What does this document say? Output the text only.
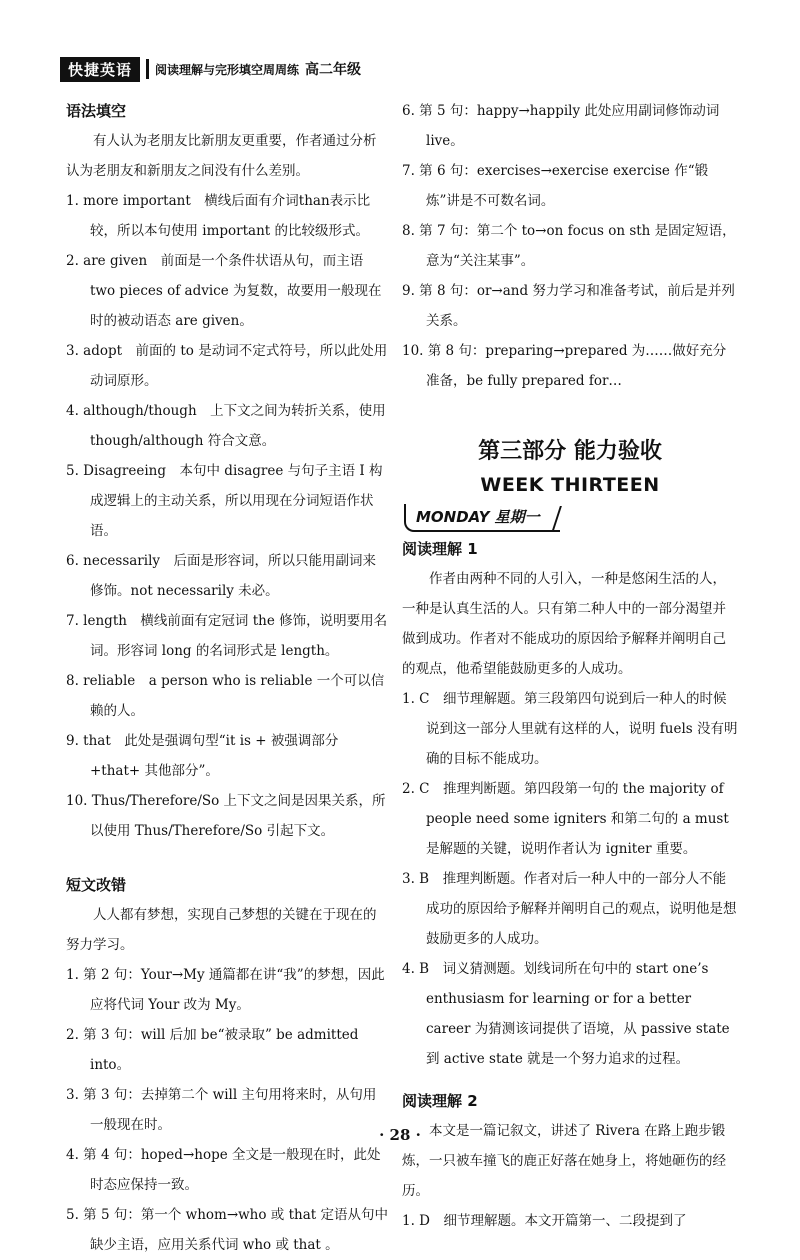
快捷英语	阅读理解与完形填空周周练 高二年级

语法填空

有人认为老朋友比新朋友更重要，作者通过分析认为老朋友和新朋友之间没有什么差别。

1. more important　横线后面有介词than表示比较，所以本句使用 important 的比较级形式。

2. are given　前面是一个条件状语从句，而主语 two pieces of advice 为复数，故要用一般现在时的被动语态 are given。

3. adopt　前面的 to 是动词不定式符号，所以此处用动词原形。

4. although/though　上下文之间为转折关系，使用 though/although 符合文意。

5. Disagreeing　本句中 disagree 与句子主语 I 构成逻辑上的主动关系，所以用现在分词短语作状语。

6. necessarily　后面是形容词，所以只能用副词来修饰。not necessarily 未必。

7. length　横线前面有定冠词 the 修饰，说明要用名词。形容词 long 的名词形式是 length。

8. reliable　a person who is reliable 一个可以信赖的人。

9. that　此处是强调句型“it is + 被强调部分 +that+ 其他部分”。

10. Thus/Therefore/So 上下文之间是因果关系，所以使用 Thus/Therefore/So 引起下文。

短文改错

人人都有梦想，实现自己梦想的关键在于现在的努力学习。

1. 第 2 句：Your→My 通篇都在讲“我”的梦想，因此应将代词 Your 改为 My。

2. 第 3 句：will 后加 be“被录取” be admitted into。

3. 第 3 句：去掉第二个 will 主句用将来时，从句用一般现在时。

4. 第 4 句：hoped→hope 全文是一般现在时，此处时态应保持一致。

5. 第 5 句：第一个 whom→who 或 that 定语从句中缺少主语，应用关系代词 who 或 that 。

6. 第 5 句：happy→happily 此处应用副词修饰动词 live。

7. 第 6 句：exercises→exercise exercise 作“锻炼”讲是不可数名词。

8. 第 7 句：第二个 to→on focus on sth 是固定短语，意为“关注某事”。

9. 第 8 句：or→and 努力学习和准备考试，前后是并列关系。

10. 第 8 句：preparing→prepared 为……做好充分准备，be fully prepared for…

第三部分 能力验收

WEEK THIRTEEN

MONDAY 星期一

阅读理解 1

作者由两种不同的人引入，一种是悠闲生活的人，一种是认真生活的人。只有第二种人中的一部分渴望并做到成功。作者对不能成功的原因给予解释并阐明自己的观点，他希望能鼓励更多的人成功。

1. C　细节理解题。第三段第四句说到后一种人的时候说到这一部分人里就有这样的人，说明 fuels 没有明确的目标不能成功。

2. C　推理判断题。第四段第一句的 the majority of people need some igniters 和第二句的 a must 是解题的关键，说明作者认为 igniter 重要。

3. B　推理判断题。作者对后一种人中的一部分人不能成功的原因给予解释并阐明自己的观点，说明他是想鼓励更多的人成功。

4. B　词义猜测题。划线词所在句中的 start one’s enthusiasm for learning or for a better career 为猜测该词提供了语境，从 passive state 到 active state 就是一个努力追求的过程。

阅读理解 2

本文是一篇记叙文，讲述了 Rivera 在路上跑步锻炼，一只被车撞飞的鹿正好落在她身上，将她砸伤的经历。

1. D　细节理解题。本文开篇第一、二段提到了

· 28 ·
